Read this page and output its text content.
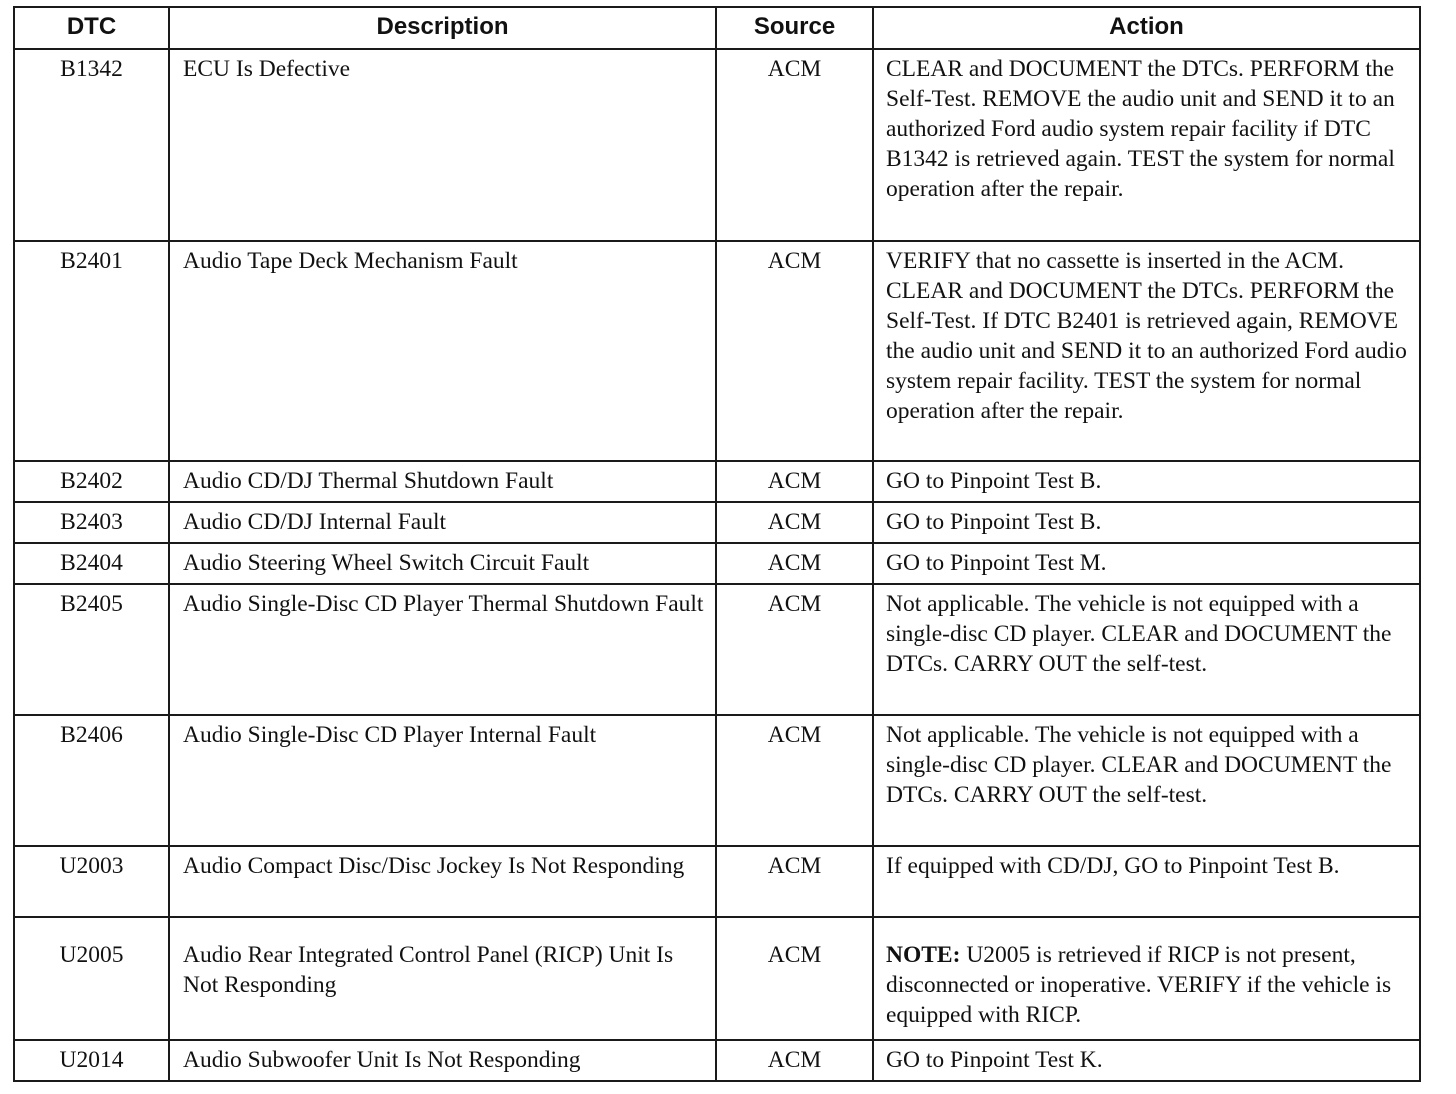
DTC	Description	Source	Action
B1342	ECU Is Defective	ACM	CLEAR and DOCUMENT the DTCs. PERFORM the Self-Test. REMOVE the audio unit and SEND it to an authorized Ford audio system repair facility if DTC B1342 is retrieved again. TEST the system for normal operation after the repair.
B2401	Audio Tape Deck Mechanism Fault	ACM	VERIFY that no cassette is inserted in the ACM. CLEAR and DOCUMENT the DTCs. PERFORM the Self-Test. If DTC B2401 is retrieved again, REMOVE the audio unit and SEND it to an authorized Ford audio system repair facility. TEST the system for normal operation after the repair.
B2402	Audio CD/DJ Thermal Shutdown Fault	ACM	GO to Pinpoint Test B.
B2403	Audio CD/DJ Internal Fault	ACM	GO to Pinpoint Test B.
B2404	Audio Steering Wheel Switch Circuit Fault	ACM	GO to Pinpoint Test M.
B2405	Audio Single-Disc CD Player Thermal Shutdown Fault	ACM	Not applicable. The vehicle is not equipped with a single-disc CD player. CLEAR and DOCUMENT the DTCs. CARRY OUT the self-test.
B2406	Audio Single-Disc CD Player Internal Fault	ACM	Not applicable. The vehicle is not equipped with a single-disc CD player. CLEAR and DOCUMENT the DTCs. CARRY OUT the self-test.
U2003	Audio Compact Disc/Disc Jockey Is Not Responding	ACM	If equipped with CD/DJ, GO to Pinpoint Test B.
U2005	Audio Rear Integrated Control Panel (RICP) Unit Is Not Responding	ACM	NOTE: U2005 is retrieved if RICP is not present, disconnected or inoperative. VERIFY if the vehicle is equipped with RICP.
U2014	Audio Subwoofer Unit Is Not Responding	ACM	GO to Pinpoint Test K.
